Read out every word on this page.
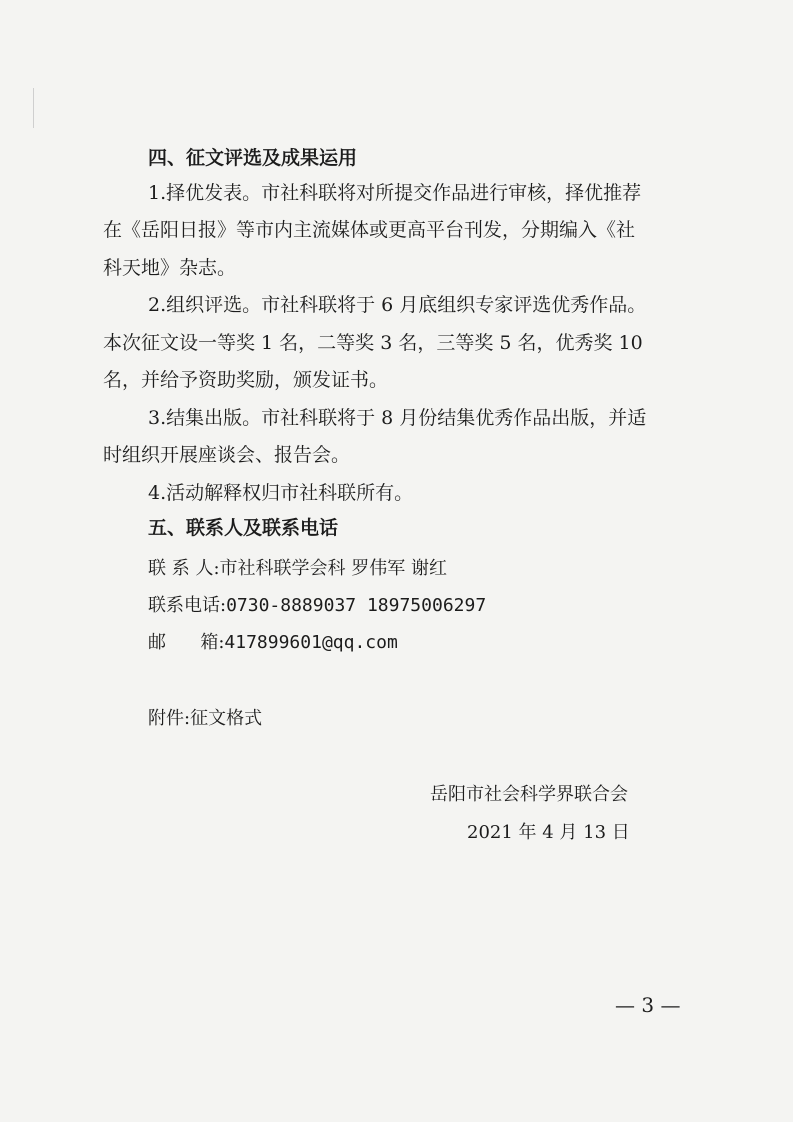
四、征文评选及成果运用
1.择优发表。市社科联将对所提交作品进行审核，择优推荐
在《岳阳日报》等市内主流媒体或更高平台刊发，分期编入《社
科天地》杂志。
2.组织评选。市社科联将于 6 月底组织专家评选优秀作品。
本次征文设一等奖 1 名，二等奖 3 名，三等奖 5 名，优秀奖 10
名，并给予资助奖励，颁发证书。
3.结集出版。市社科联将于 8 月份结集优秀作品出版，并适
时组织开展座谈会、报告会。
4.活动解释权归市社科联所有。
五、联系人及联系电话
联 系 人:市社科联学会科 罗伟军 谢红
联系电话:0730-8889037 18975006297
邮      箱:417899601@qq.com
附件:征文格式
岳阳市社会科学界联合会
2021 年 4 月 13 日
— 3 —
